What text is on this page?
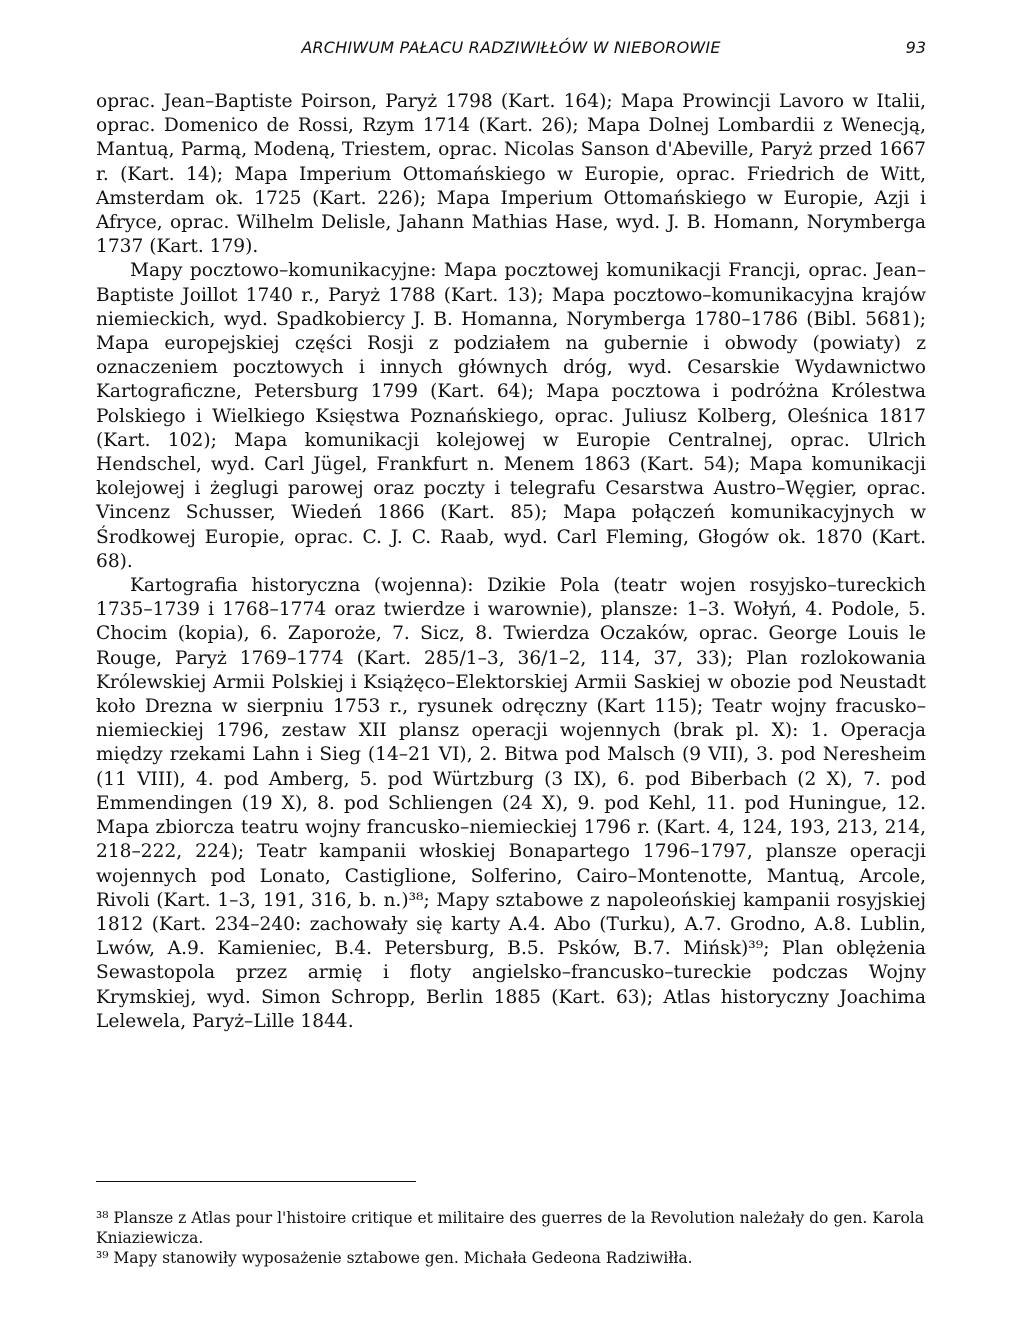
ARCHIWUM PAŁACU RADZIWIŁŁÓW W NIEBOROWIE	93

oprac. Jean–Baptiste Poirson, Paryż 1798 (Kart. 164); Mapa Prowincji Lavoro w Italii, oprac. Domenico de Rossi, Rzym 1714 (Kart. 26); Mapa Dolnej Lombardii z Wenecją, Mantuą, Parmą, Modeną, Triestem, oprac. Nicolas Sanson d'Abeville, Paryż przed 1667 r. (Kart. 14); Mapa Imperium Ottomańskiego w Europie, oprac. Friedrich de Witt, Amsterdam ok. 1725 (Kart. 226); Mapa Imperium Ottomańskiego w Europie, Azji i Afryce, oprac. Wilhelm Delisle, Jahann Mathias Hase, wyd. J. B. Homann, Norymberga 1737 (Kart. 179).

Mapy pocztowo–komunikacyjne: Mapa pocztowej komunikacji Francji, oprac. Jean–Baptiste Joillot 1740 r., Paryż 1788 (Kart. 13); Mapa pocztowo–komunikacyjna krajów niemieckich, wyd. Spadkobiercy J. B. Homanna, Norymberga 1780–1786 (Bibl. 5681); Mapa europejskiej części Rosji z podziałem na gubernie i obwody (powiaty) z oznaczeniem pocztowych i innych głównych dróg, wyd. Cesarskie Wydawnictwo Kartograficzne, Petersburg 1799 (Kart. 64); Mapa pocztowa i podróżna Królestwa Polskiego i Wielkiego Księstwa Poznańskiego, oprac. Juliusz Kolberg, Oleśnica 1817 (Kart. 102); Mapa komunikacji kolejowej w Europie Centralnej, oprac. Ulrich Hendschel, wyd. Carl Jügel, Frankfurt n. Menem 1863 (Kart. 54); Mapa komunikacji kolejowej i żeglugi parowej oraz poczty i telegrafu Cesarstwa Austro–Węgier, oprac. Vincenz Schusser, Wiedeń 1866 (Kart. 85); Mapa połączeń komunikacyjnych w Środkowej Europie, oprac. C. J. C. Raab, wyd. Carl Fleming, Głogów ok. 1870 (Kart. 68).

Kartografia historyczna (wojenna): Dzikie Pola (teatr wojen rosyjsko–tureckich 1735–1739 i 1768–1774 oraz twierdze i warownie), plansze: 1–3. Wołyń, 4. Podole, 5. Chocim (kopia), 6. Zaporoże, 7. Sicz, 8. Twierdza Oczaków, oprac. George Louis le Rouge, Paryż 1769–1774 (Kart. 285/1–3, 36/1–2, 114, 37, 33); Plan rozlokowania Królewskiej Armii Polskiej i Książęco–Elektorskiej Armii Saskiej w obozie pod Neustadt koło Drezna w sierpniu 1753 r., rysunek odręczny (Kart 115); Teatr wojny fracusko–niemieckiej 1796, zestaw XII plansz operacji wojennych (brak pl. X): 1. Operacja między rzekami Lahn i Sieg (14–21 VI), 2. Bitwa pod Malsch (9 VII), 3. pod Neresheim (11 VIII), 4. pod Amberg, 5. pod Würtzburg (3 IX), 6. pod Biberbach (2 X), 7. pod Emmendingen (19 X), 8. pod Schliengen (24 X), 9. pod Kehl, 11. pod Huningue, 12. Mapa zbiorcza teatru wojny francusko–niemieckiej 1796 r. (Kart. 4, 124, 193, 213, 214, 218–222, 224); Teatr kampanii włoskiej Bonapartego 1796–1797, plansze operacji wojennych pod Lonato, Castiglione, Solferino, Cairo–Montenotte, Mantuą, Arcole, Rivoli (Kart. 1–3, 191, 316, b. n.)³⁸; Mapy sztabowe z napoleońskiej kampanii rosyjskiej 1812 (Kart. 234–240: zachowały się karty A.4. Abo (Turku), A.7. Grodno, A.8. Lublin, Lwów, A.9. Kamieniec, B.4. Petersburg, B.5. Psków, B.7. Mińsk)³⁹; Plan oblężenia Sewastopola przez armię i floty angielsko–francusko–tureckie podczas Wojny Krymskiej, wyd. Simon Schropp, Berlin 1885 (Kart. 63); Atlas historyczny Joachima Lelewela, Paryż–Lille 1844.

³⁸ Plansze z Atlas pour l'histoire critique et militaire des guerres de la Revolution należały do gen. Karola Kniaziewicza.

³⁹ Mapy stanowiły wyposażenie sztabowe gen. Michała Gedeona Radziwiłła.
